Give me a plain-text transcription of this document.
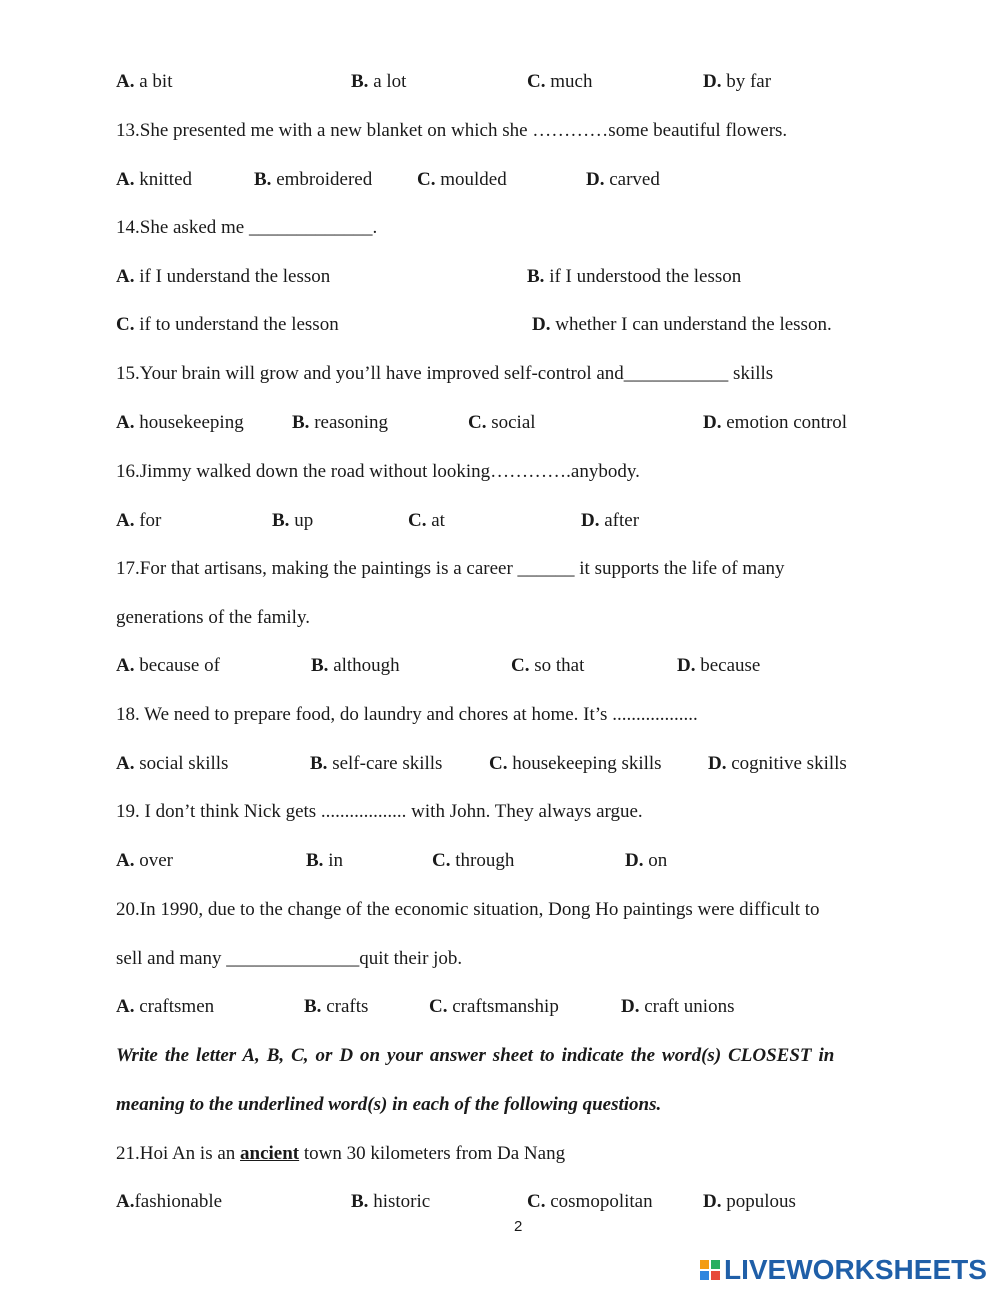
A. a bit	B. a lot	C. much	D. by far
13.She presented me with a new blanket on which she …………some beautiful flowers.
A. knitted	B. embroidered C. moulded	D. carved
14.She asked me _____________.
A. if I understand the lesson	B. if I understood the lesson
C. if to understand the lesson	D. whether I can understand the lesson.
15.Your brain will grow and you’ll have improved self-control and___________ skills
A. housekeeping	B. reasoning	C. social	D. emotion control
16.Jimmy walked down the road without looking………….anybody.
A. for	B. up	C. at	D. after
17.For that artisans, making the paintings is a career ______ it supports the life of many
generations of the family.
A. because of	B. although	C. so that	D. because
18. We need to prepare food, do laundry and chores at home. It’s ..................
A. social skills	B. self-care skills C. housekeeping skills D. cognitive skills
19. I don’t think Nick gets .................. with John. They always argue.
A. over	B. in	C. through	D. on
20.In 1990, due to the change of the economic situation, Dong Ho paintings were difficult to
sell and many ______________quit their job.
A. craftsmen	B. crafts	C. craftsmanship	D. craft unions
Write the letter A, B, C, or D on your answer sheet to indicate the word(s) CLOSEST in
meaning to the underlined word(s) in each of the following questions.
21.Hoi An is an ancient town 30 kilometers from Da Nang
A.fashionable	B. historic	C. cosmopolitan	D. populous
2
LIVEWORKSHEETS
